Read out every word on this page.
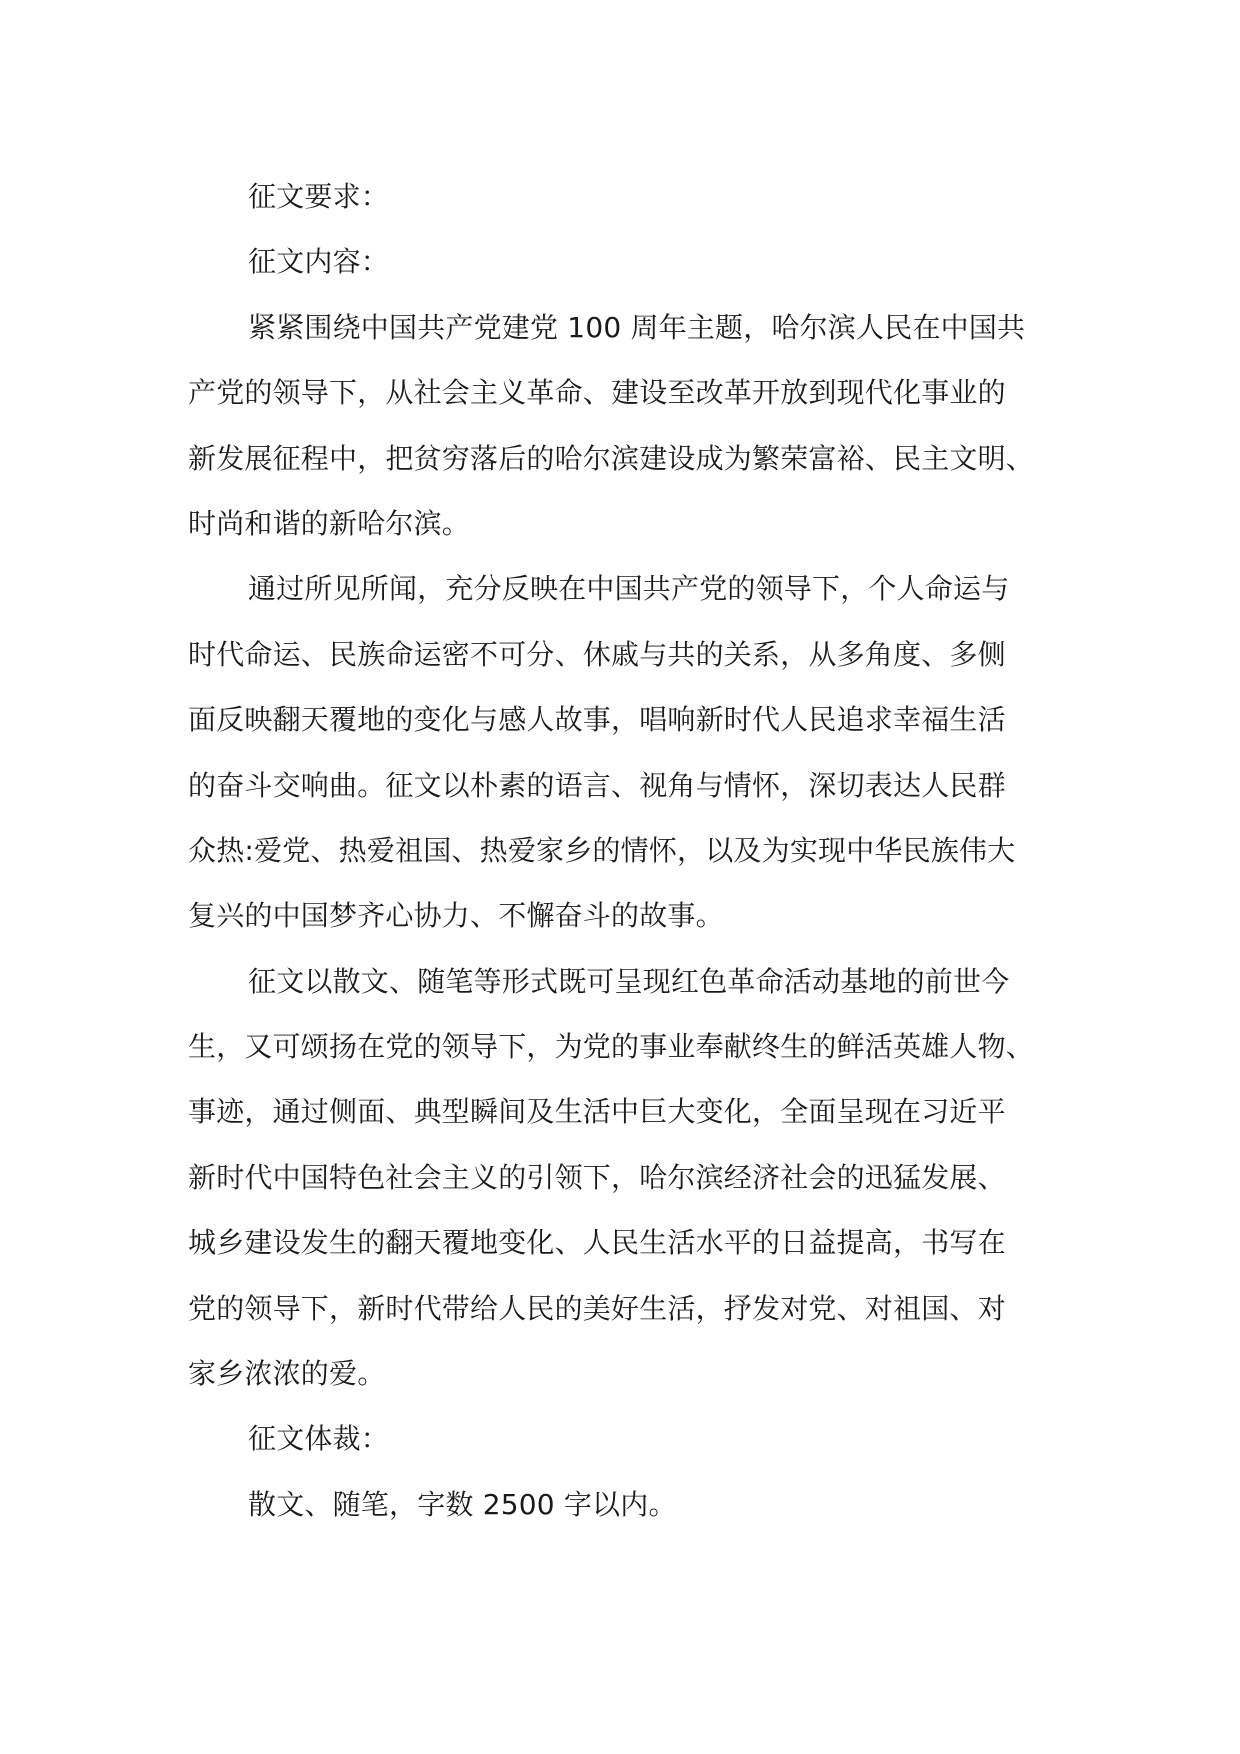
征文要求：
征文内容：
紧紧围绕中国共产党建党 100 周年主题，哈尔滨人民在中国共
产党的领导下，从社会主义革命、建设至改革开放到现代化事业的
新发展征程中，把贫穷落后的哈尔滨建设成为繁荣富裕、民主文明、
时尚和谐的新哈尔滨。
通过所见所闻，充分反映在中国共产党的领导下，个人命运与
时代命运、民族命运密不可分、休戚与共的关系，从多角度、多侧
面反映翻天覆地的变化与感人故事，唱响新时代人民追求幸福生活
的奋斗交响曲。征文以朴素的语言、视角与情怀，深切表达人民群
众热:爱党、热爱祖国、热爱家乡的情怀，以及为实现中华民族伟大
复兴的中国梦齐心协力、不懈奋斗的故事。
征文以散文、随笔等形式既可呈现红色革命活动基地的前世今
生，又可颂扬在党的领导下，为党的事业奉献终生的鲜活英雄人物、
事迹，通过侧面、典型瞬间及生活中巨大变化，全面呈现在习近平
新时代中国特色社会主义的引领下，哈尔滨经济社会的迅猛发展、
城乡建设发生的翻天覆地变化、人民生活水平的日益提高，书写在
党的领导下，新时代带给人民的美好生活，抒发对党、对祖国、对
家乡浓浓的爱。
征文体裁：
散文、随笔，字数 2500 字以内。
